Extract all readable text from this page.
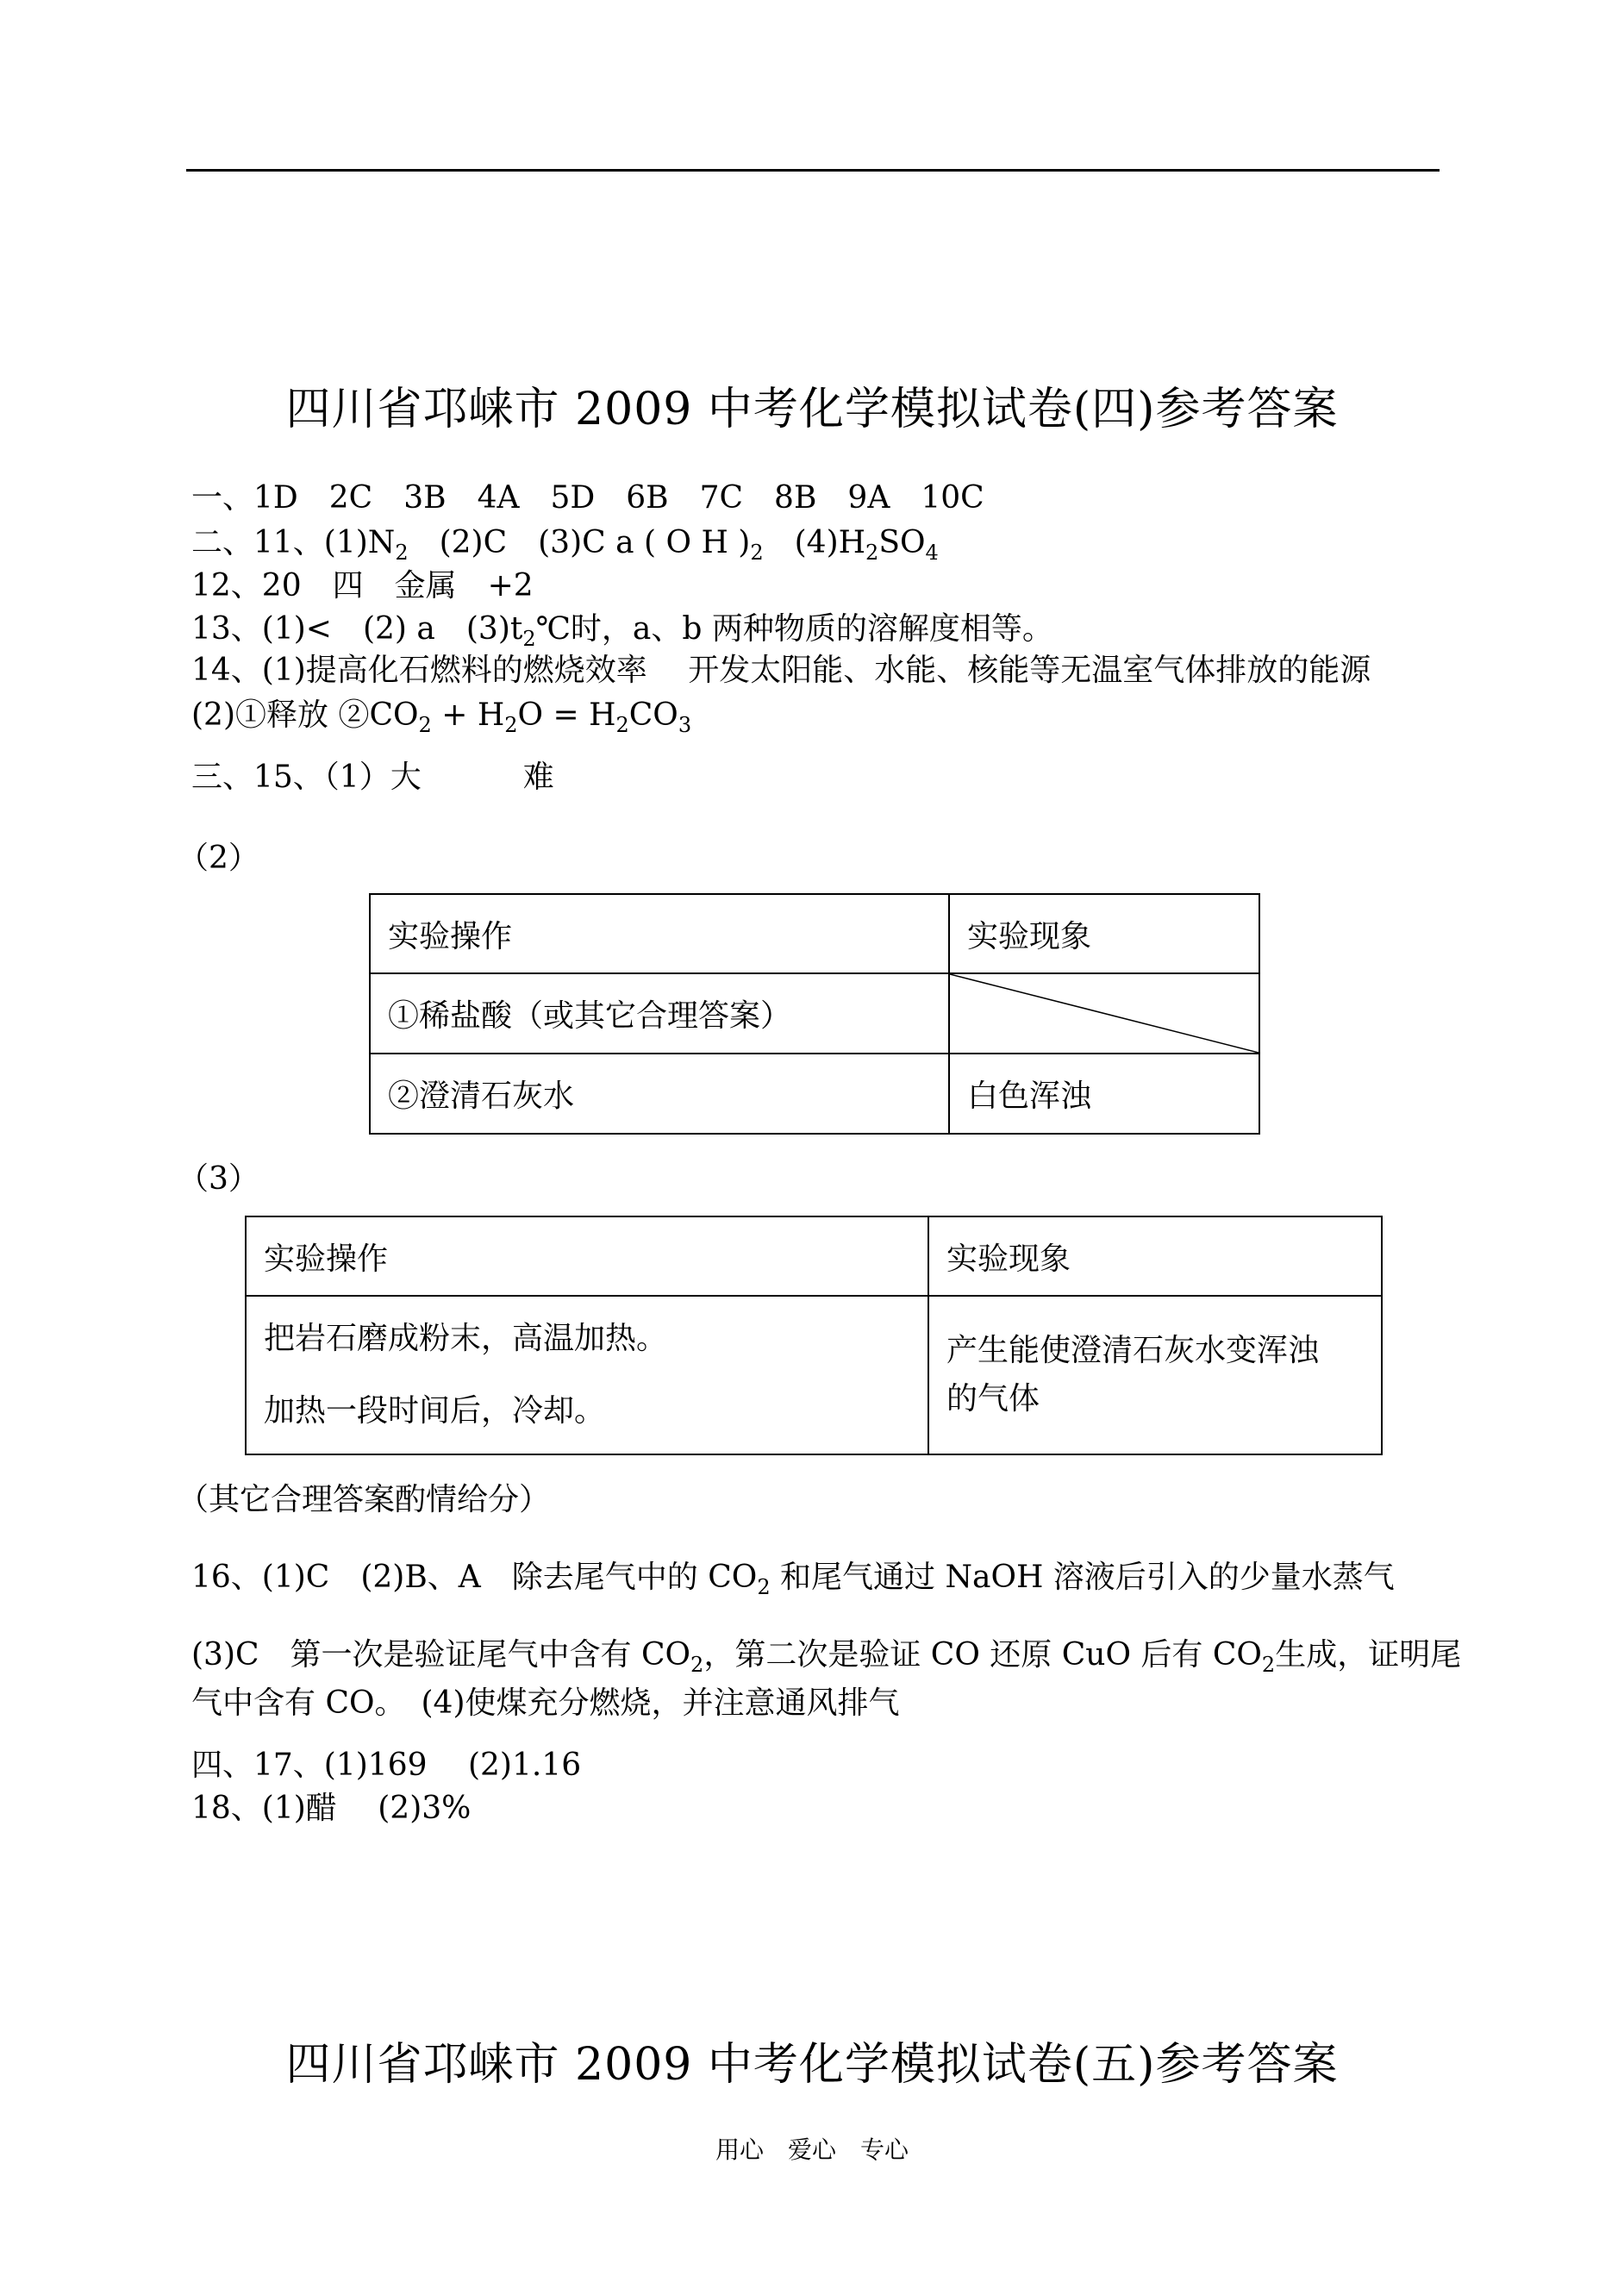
四川省邛崃市 2009 中考化学模拟试卷(四)参考答案
一、1D　2C　3B　4A　5D　6B　7C　8B　9A　10C
二、11、$(1)N_2$　(2)C　(3)C a ( O H )$_2$　$(4)H_2SO_4$
12、20　四　金属　+2
13、(1)<　(2) a　$(3)t_2℃$时，a、b 两种物质的溶解度相等。
14、(1)提高化石燃料的燃烧效率　 开发太阳能、水能、核能等无温室气体排放的能源
(2)①释放 $②CO_2 + H_2O = H_2CO_3$
三、15、（1）大	难
（2）
实验操作	实验现象
①稀盐酸（或其它合理答案）	

②澄清石灰水	白色浑浊
（3）
实验操作	实验现象

把岩石磨成粉末，高温加热。
加热一段时间后，冷却。	产生能使澄清石灰水变浑浊的气体
（其它合理答案酌情给分）
16、(1)C　(2)B、A　除去尾气中的 $CO_2$ 和尾气通过 NaOH 溶液后引入的少量水蒸气
(3)C　第一次是验证尾气中含有 $CO_2$，第二次是验证 CO 还原 CuO 后有 $CO_2$生成，证明尾
气中含有 CO。　(4)使煤充分燃烧，并注意通风排气
四、17、(1)169　 (2)1.16
18、(1)醋　 (2)3%
四川省邛崃市 2009 中考化学模拟试卷(五)参考答案
用心　爱心　专心
